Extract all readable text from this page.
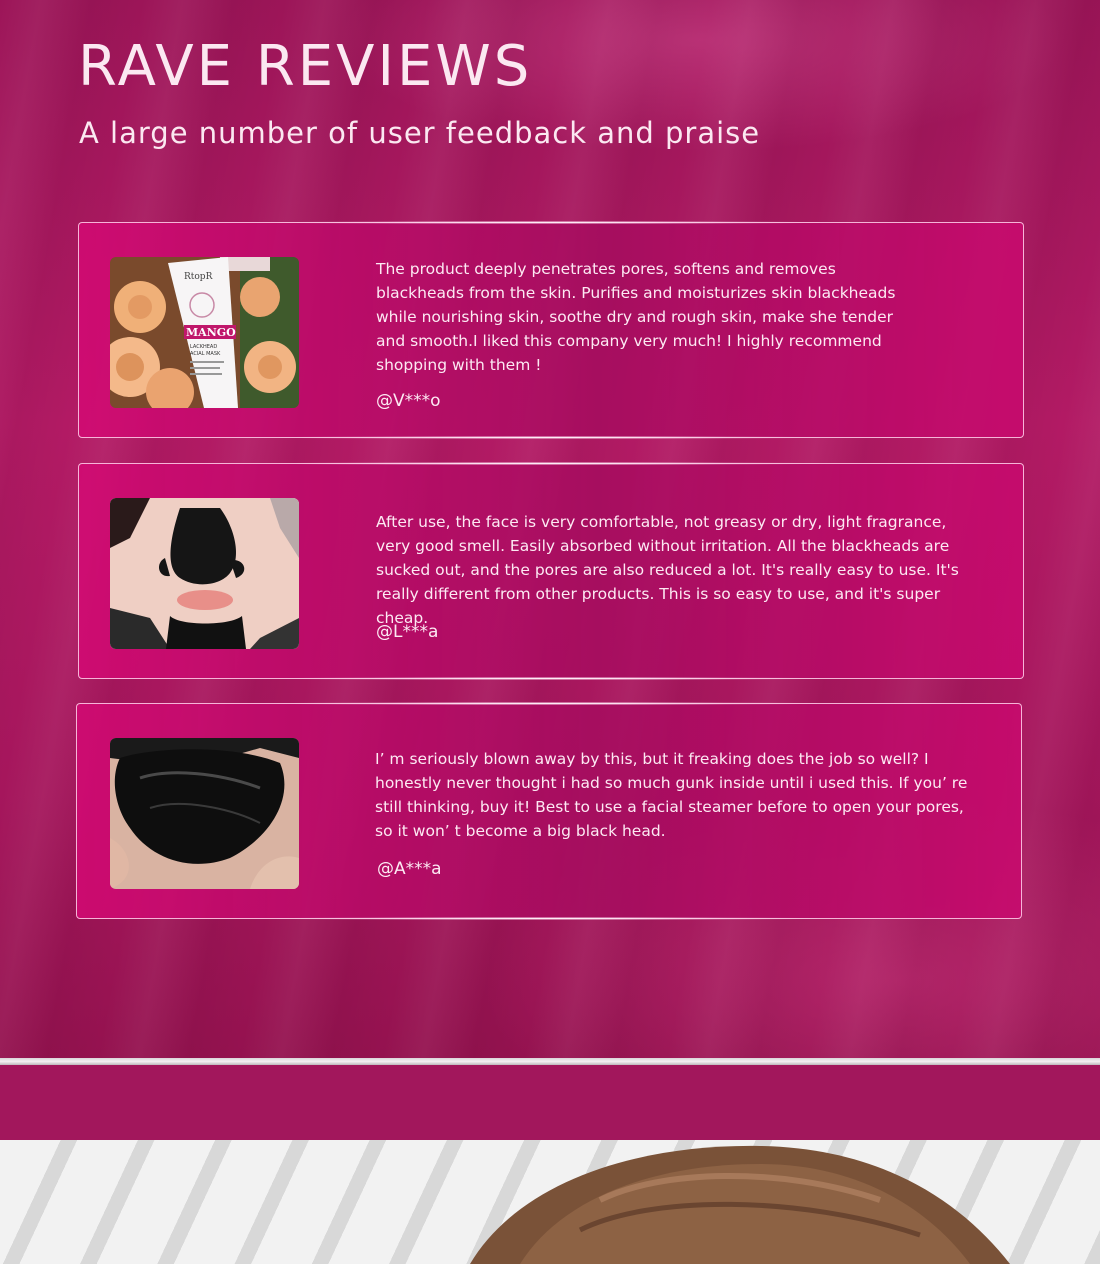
RAVE REVIEWS
A large number of user feedback and praise
RtopR
MANGO
LACKHEAD
ACIAL MASK

The product deeply penetrates pores, softens and removes blackheads from the skin. Purifies and moisturizes skin blackheads while nourishing skin, soothe dry and rough skin, make she tender and smooth.I liked this company very much! I highly recommend shopping with them !

@V***o

After use, the face is very comfortable, not greasy or dry, light fragrance, very good smell. Easily absorbed without irritation. All the blackheads are sucked out, and the pores are also reduced a lot. It's really easy to use. It's really different from other products. This is so easy to use, and it's super cheap.

@L***a

I’ m seriously blown away by this, but it freaking does the job so well? I honestly never thought i had so much gunk inside until i used this. If you’ re still thinking, buy it! Best to use a facial steamer before to open your pores, so it won’ t become a big black head.

@A***a
